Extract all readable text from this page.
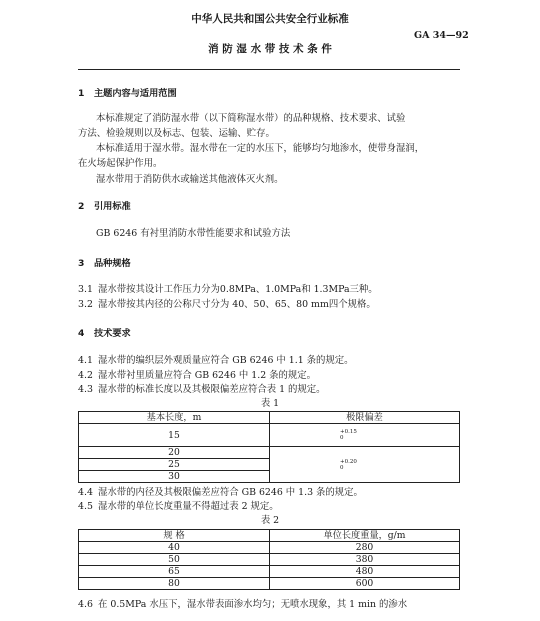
中华人民共和国公共安全行业标准
GA 34—92
消 防 湿 水 带 技 术 条 件
1 主题内容与适用范围
本标准规定了消防湿水带（以下简称湿水带）的品种规格、技术要求、试验
方法、检验规则以及标志、包装、运输、贮存。
本标准适用于湿水带。湿水带在一定的水压下，能够均匀地渗水，使带身湿润，
在火场起保护作用。
湿水带用于消防供水或输送其他液体灭火剂。
2 引用标准
GB 6246 有衬里消防水带性能要求和试验方法
3 品种规格
3.1 湿水带按其设计工作压力分为0.8MPa、1.0MPa和 1.3MPa三种。
3.2 湿水带按其内径的公称尺寸分为 40、50、65、80 mm四个规格。
4 技术要求
4.1 湿水带的编织层外观质量应符合 GB 6246 中 1.1 条的规定。
4.2 湿水带衬里质量应符合 GB 6246 中 1.2 条的规定。
4.3 湿水带的标准长度以及其极限偏差应符合表 1 的规定。
表 1
基本长度，m	极限偏差
15	+0.15
0

20	+0.20
0

25	
30	
4.4 湿水带的内径及其极限偏差应符合 GB 6246 中 1.3 条的规定。
4.5 湿水带的单位长度重量不得超过表 2 规定。
表 2
规 格	单位长度重量，g/m
40	280
50	380
65	480
80	600
4.6 在 0.5MPa 水压下，湿水带表面渗水均匀；无喷水现象，其 1 min 的渗水
